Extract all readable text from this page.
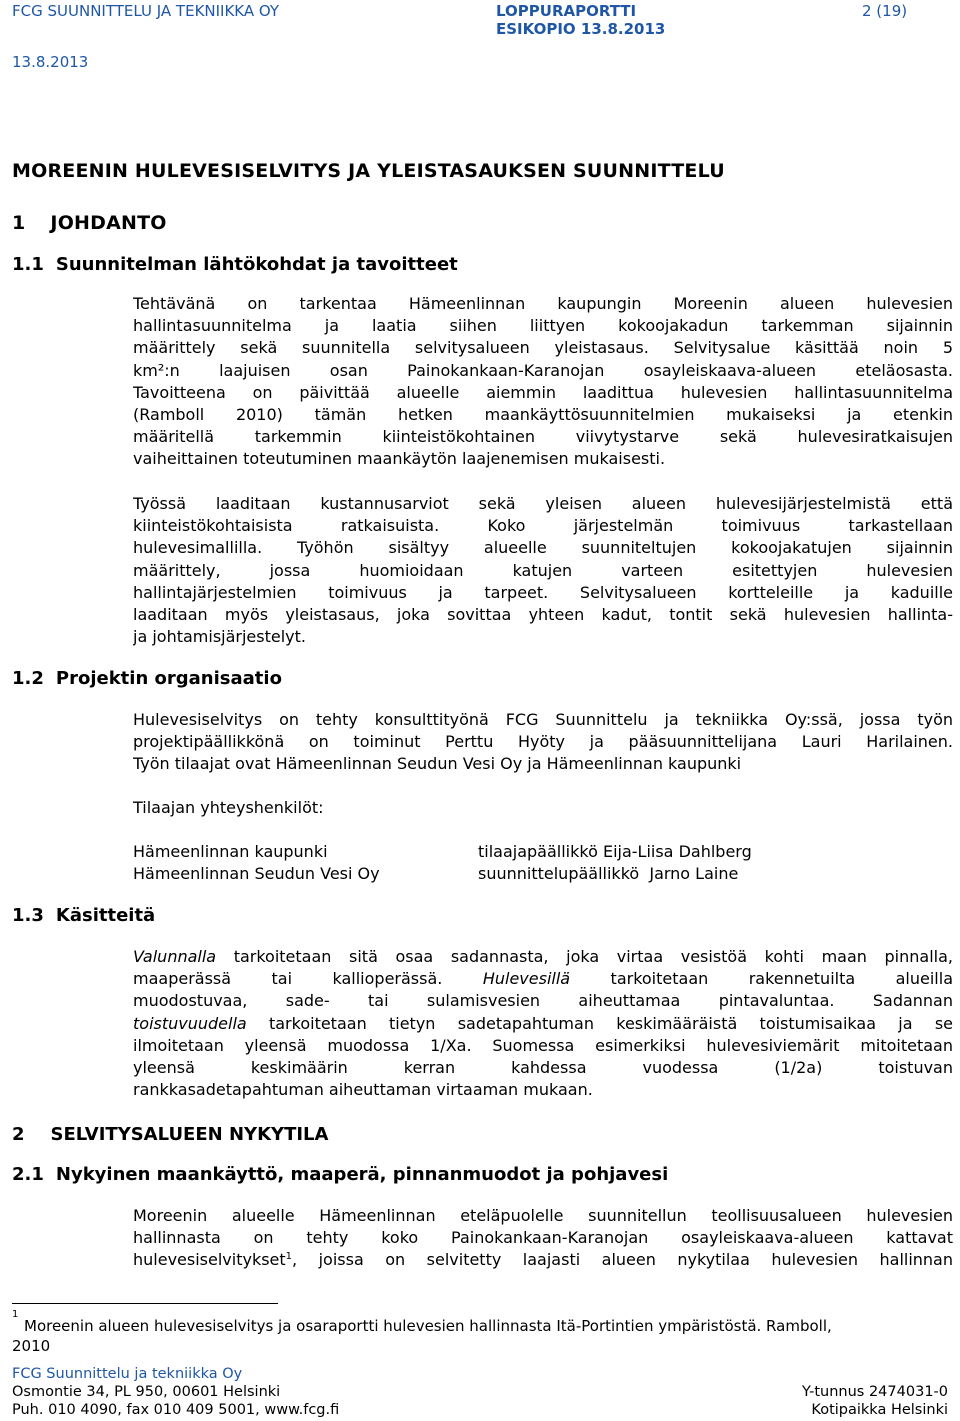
FCG SUUNNITTELU JA TEKNIIKKA OY	LOPPURAPORTTI
ESIKOPIO 13.8.2013
2 (19)
13.8.2013
MOREENIN HULEVESISELVITYS JA YLEISTASAUKSEN SUUNNITTELU
1 JOHDANTO
1.1 Suunnitelman lähtökohdat ja tavoitteet
Tehtävänä on tarkentaa Hämeenlinnan kaupungin Moreenin alueen hulevesien
hallintasuunnitelma ja laatia siihen liittyen kokoojakadun tarkemman sijainnin
määrittely sekä suunnitella selvitysalueen yleistasaus. Selvitysalue käsittää noin 5
km²:n laajuisen osan Painokankaan-Karanojan osayleiskaava-alueen eteläosasta.
Tavoitteena on päivittää alueelle aiemmin laadittua hulevesien hallintasuunnitelma
(Ramboll 2010) tämän hetken maankäyttösuunnitelmien mukaiseksi ja etenkin
määritellä tarkemmin kiinteistökohtainen viivytystarve sekä hulevesiratkaisujen
vaiheittainen toteutuminen maankäytön laajenemisen mukaisesti.
Työssä laaditaan kustannusarviot sekä yleisen alueen hulevesijärjestelmistä että
kiinteistökohtaisista ratkaisuista. Koko järjestelmän toimivuus tarkastellaan
hulevesimallilla. Työhön sisältyy alueelle suunniteltujen kokoojakatujen sijainnin
määrittely, jossa huomioidaan katujen varteen esitettyjen hulevesien
hallintajärjestelmien toimivuus ja tarpeet. Selvitysalueen kortteleille ja kaduille
laaditaan myös yleistasaus, joka sovittaa yhteen kadut, tontit sekä hulevesien hallinta-
ja johtamisjärjestelyt.
1.2 Projektin organisaatio
Hulevesiselvitys on tehty konsulttityönä FCG Suunnittelu ja tekniikka Oy:ssä, jossa työn
projektipäällikkönä on toiminut Perttu Hyöty ja pääsuunnittelijana Lauri Harilainen.
Työn tilaajat ovat Hämeenlinnan Seudun Vesi Oy ja Hämeenlinnan kaupunki
Tilaajan yhteyshenkilöt:
Hämeenlinnan kaupunki	tilaajapäällikkö Eija-Liisa Dahlberg
Hämeenlinnan Seudun Vesi Oy	suunnittelupäällikkö  Jarno Laine
1.3 Käsitteitä
Valunnalla tarkoitetaan sitä osaa sadannasta, joka virtaa vesistöä kohti maan pinnalla,
maaperässä tai kallioperässä. Hulevesillä tarkoitetaan rakennetuilta alueilla
muodostuvaa, sade- tai sulamisvesien aiheuttamaa pintavaluntaa. Sadannan
toistuvuudella tarkoitetaan tietyn sadetapahtuman keskimääräistä toistumisaikaa ja se
ilmoitetaan yleensä muodossa 1/Xa. Suomessa esimerkiksi hulevesiviemärit mitoitetaan
yleensä keskimäärin kerran kahdessa vuodessa (1/2a) toistuvan
rankkasadetapahtuman aiheuttaman virtaaman mukaan.
2 SELVITYSALUEEN NYKYTILA
2.1 Nykyinen maankäyttö, maaperä, pinnanmuodot ja pohjavesi
Moreenin alueelle Hämeenlinnan eteläpuolelle suunnitellun teollisuusalueen hulevesien
hallinnasta on tehty koko Painokankaan-Karanojan osayleiskaava-alueen kattavat
hulevesiselvitykset$^1$, joissa on selvitetty laajasti alueen nykytilaa hulevesien hallinnan
$^1$
Moreenin alueen hulevesiselvitys ja osaraportti hulevesien hallinnasta Itä-Portintien ympäristöstä. Ramboll,
2010
FCG Suunnittelu ja tekniikka Oy
Osmontie 34, PL 950, 00601 Helsinki
Puh. 010 4090, fax 010 409 5001, www.fcg.fi
Y-tunnus 2474031-0
Kotipaikka Helsinki
